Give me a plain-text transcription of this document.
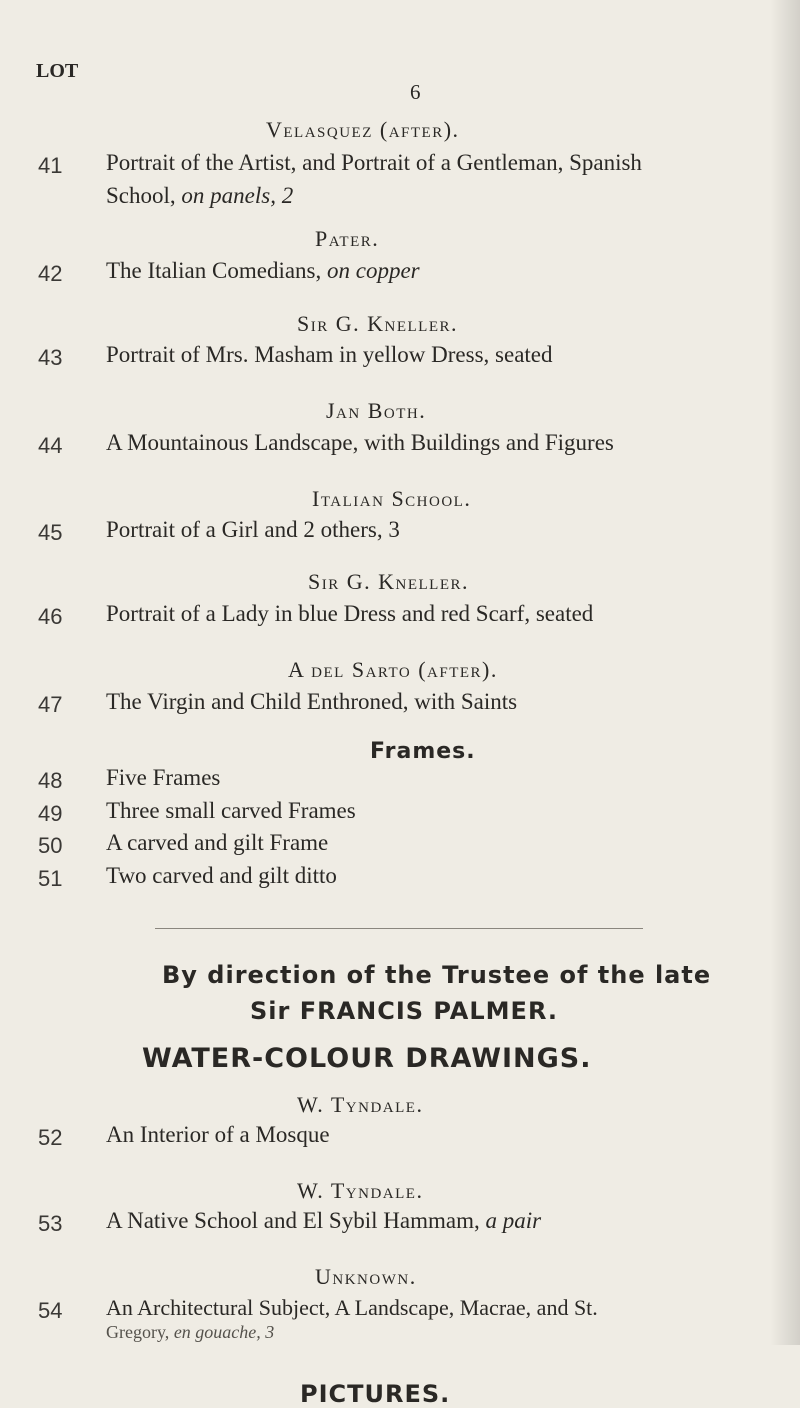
LOT
6
Velasquez (after).
41 Portrait of the Artist, and Portrait of a Gentleman, Spanish
School, on panels, 2
Pater.
42 The Italian Comedians, on copper
Sir G. Kneller.
43 Portrait of Mrs. Masham in yellow Dress, seated
Jan Both.
44 A Mountainous Landscape, with Buildings and Figures
Italian School.
45 Portrait of a Girl and 2 others, 3
Sir G. Kneller.
46 Portrait of a Lady in blue Dress and red Scarf, seated
A del Sarto (after).
47 The Virgin and Child Enthroned, with Saints
Frames.
48 Five Frames
49 Three small carved Frames
50 A carved and gilt Frame
51 Two carved and gilt ditto
By direction of the Trustee of the late
Sir FRANCIS PALMER.
WATER-COLOUR DRAWINGS.
W. Tyndale.
52 An Interior of a Mosque
W. Tyndale.
53 A Native School and El Sybil Hammam, a pair
Unknown.
54 An Architectural Subject, A Landscape, Macrae, and St.
Gregory, en gouache, 3
PICTURES.
